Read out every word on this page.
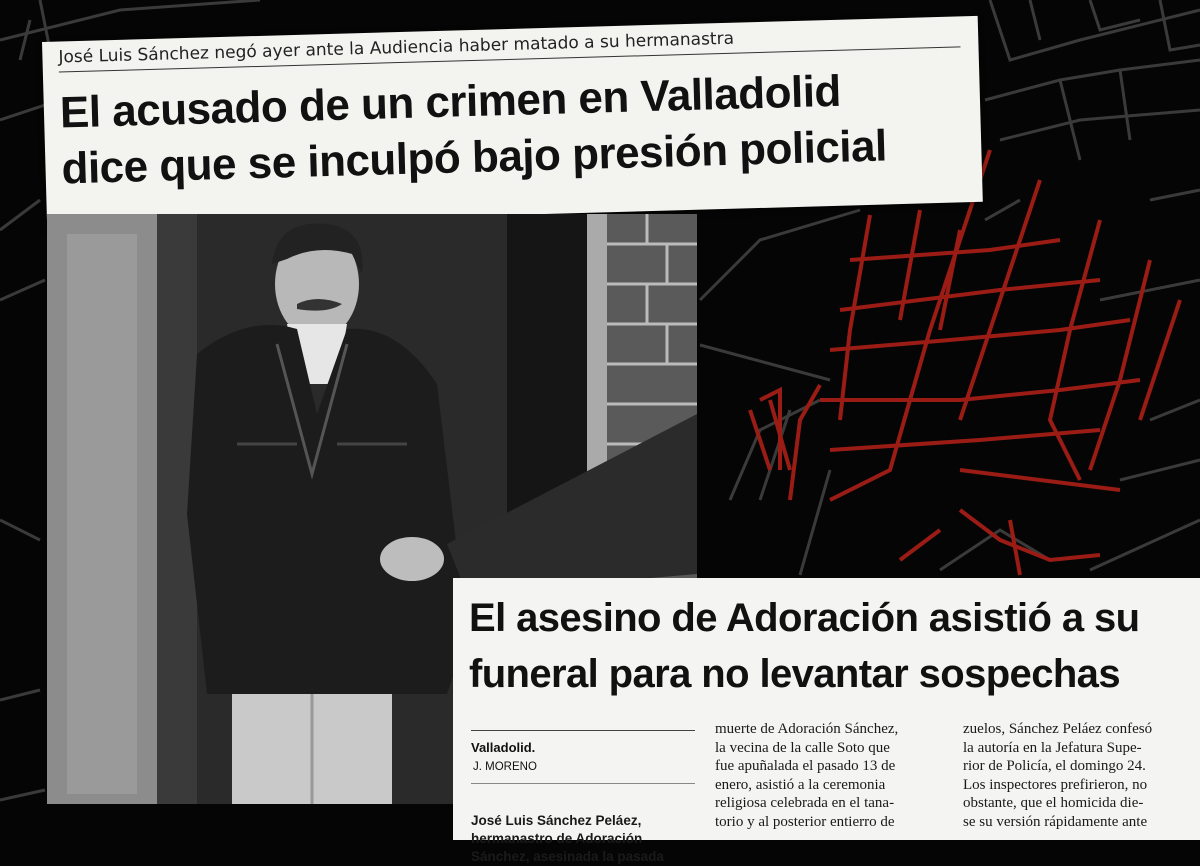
José Luis Sánchez negó ayer ante la Audiencia haber matado a su hermanastra
El acusado de un crimen en Valladolid
dice que se inculpó bajo presión policial
El asesino de Adoración asistió a su
funeral para no levantar sospechas
Valladolid.
J. MORENO
José Luis Sánchez Peláez,
hermanastro de Adoración
Sánchez, asesinada la pasada
muerte de Adoración Sánchez,
la vecina de la calle Soto que
fue apuñalada el pasado 13 de
enero, asistió a la ceremonia
religiosa celebrada en el tana-
torio y al posterior entierro de
zuelos, Sánchez Peláez confesó
la autoría en la Jefatura Supe-
rior de Policía, el domingo 24.
Los inspectores prefirieron, no
obstante, que el homicida die-
se su versión rápidamente ante
